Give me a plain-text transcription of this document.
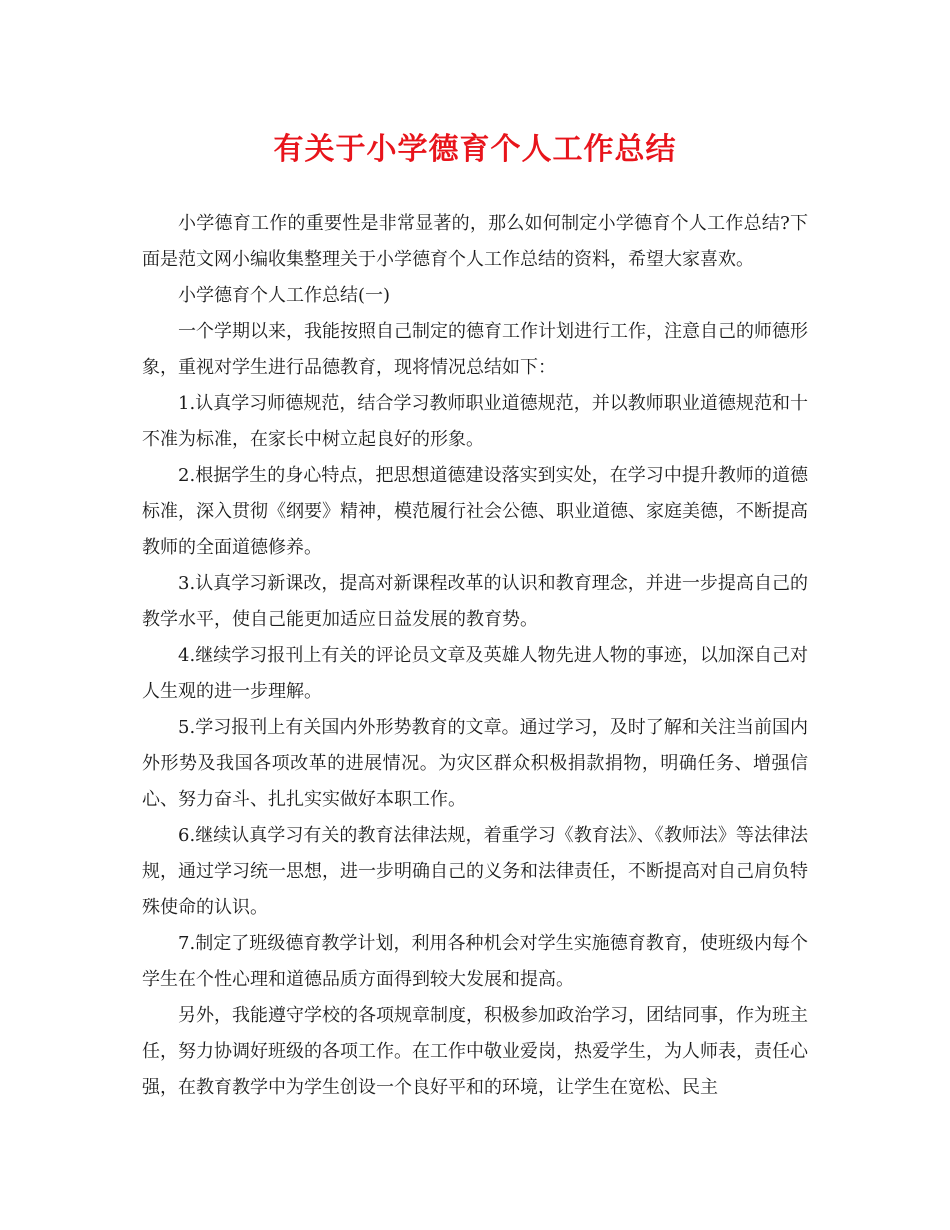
有关于小学德育个人工作总结

小学德育工作的重要性是非常显著的，那么如何制定小学德育个人工作总结?下面是范文网小编收集整理关于小学德育个人工作总结的资料，希望大家喜欢。

小学德育个人工作总结(一)

一个学期以来，我能按照自己制定的德育工作计划进行工作，注意自己的师德形象，重视对学生进行品德教育，现将情况总结如下：

1.认真学习师德规范，结合学习教师职业道德规范，并以教师职业道德规范和十不准为标准，在家长中树立起良好的形象。

2.根据学生的身心特点，把思想道德建设落实到实处，在学习中提升教师的道德标准，深入贯彻《纲要》精神，模范履行社会公德、职业道德、家庭美德，不断提高教师的全面道德修养。

3.认真学习新课改，提高对新课程改革的认识和教育理念，并进一步提高自己的教学水平，使自己能更加适应日益发展的教育势。

4.继续学习报刊上有关的评论员文章及英雄人物先进人物的事迹，以加深自己对人生观的进一步理解。

5.学习报刊上有关国内外形势教育的文章。通过学习，及时了解和关注当前国内外形势及我国各项改革的进展情况。为灾区群众积极捐款捐物，明确任务、增强信心、努力奋斗、扎扎实实做好本职工作。

6.继续认真学习有关的教育法律法规，着重学习《教育法》、《教师法》等法律法规，通过学习统一思想，进一步明确自己的义务和法律责任，不断提高对自己肩负特殊使命的认识。

7.制定了班级德育教学计划，利用各种机会对学生实施德育教育，使班级内每个学生在个性心理和道德品质方面得到较大发展和提高。

另外，我能遵守学校的各项规章制度，积极参加政治学习，团结同事，作为班主任，努力协调好班级的各项工作。在工作中敬业爱岗，热爱学生，为人师表，责任心强，在教育教学中为学生创设一个良好平和的环境，让学生在宽松、民主
